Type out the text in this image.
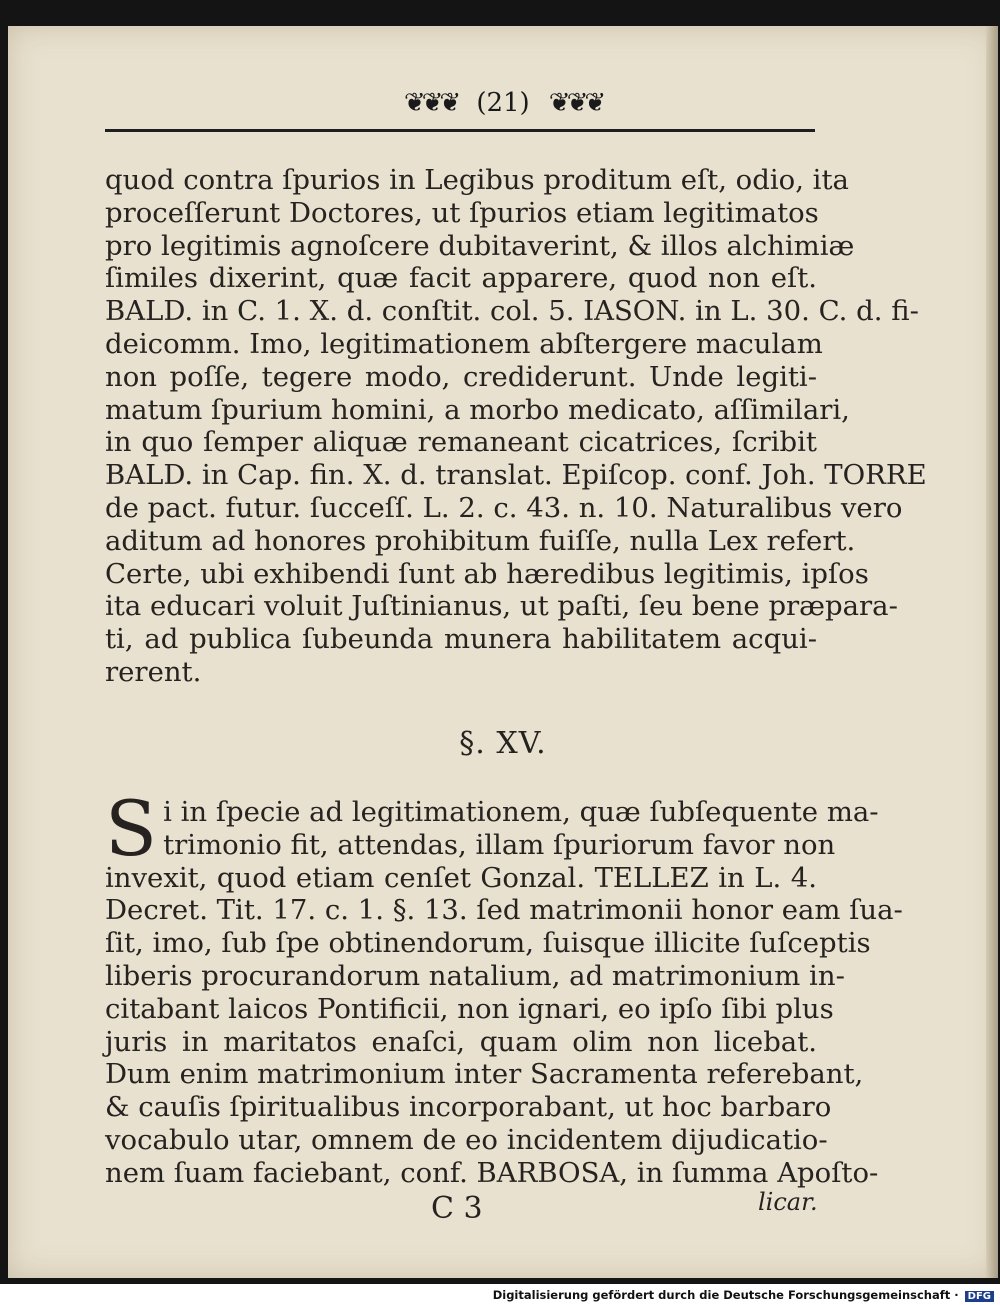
❦❦❦ (21) ❦❦❦
quod contra ſpurios in Legibus proditum eſt, odio, ita
proceſſerunt Doctores, ut ſpurios etiam legitimatos
pro legitimis agnoſcere dubitaverint, & illos alchimiæ
ſimiles dixerint, quæ facit apparere, quod non eſt.
BALD. in C. 1. X. d. conſtit. col. 5. IASON. in L. 30. C. d. fi-
deicomm. Imo, legitimationem abſtergere maculam
non poſſe, tegere modo, crediderunt. Unde legiti-
matum ſpurium homini, a morbo medicato, aſſimilari,
in quo ſemper aliquæ remaneant cicatrices, ſcribit
BALD. in Cap. fin. X. d. translat. Epiſcop. conf. Joh. TORRE
de pact. futur. ſucceſſ. L. 2. c. 43. n. 10. Naturalibus vero
aditum ad honores prohibitum fuiſſe, nulla Lex refert.
Certe, ubi exhibendi ſunt ab hæredibus legitimis, ipſos
ita educari voluit Juſtinianus, ut paſti, ſeu bene præpara-
ti, ad publica ſubeunda munera habilitatem acqui-
rerent.
§. XV.
S i in ſpecie ad legitimationem, quæ ſubſequente ma-
trimonio fit, attendas, illam ſpuriorum favor non
invexit, quod etiam cenſet Gonzal. TELLEZ in L. 4.
Decret. Tit. 17. c. 1. §. 13. ſed matrimonii honor eam ſua-
ſit, imo, ſub ſpe obtinendorum, ſuisque illicite ſuſceptis
liberis procurandorum natalium, ad matrimonium in-
citabant laicos Pontificii, non ignari, eo ipſo ſibi plus
juris in maritatos enaſci, quam olim non licebat.
Dum enim matrimonium inter Sacramenta referebant,
& cauſis ſpiritualibus incorporabant, ut hoc barbaro
vocabulo utar, omnem de eo incidentem dijudicatio-
nem ſuam faciebant, conf. BARBOSA, in ſumma Apoſto-
C 3	licar.
Digitalisierung gefördert durch die Deutsche Forschungsgemeinschaft · DFG
